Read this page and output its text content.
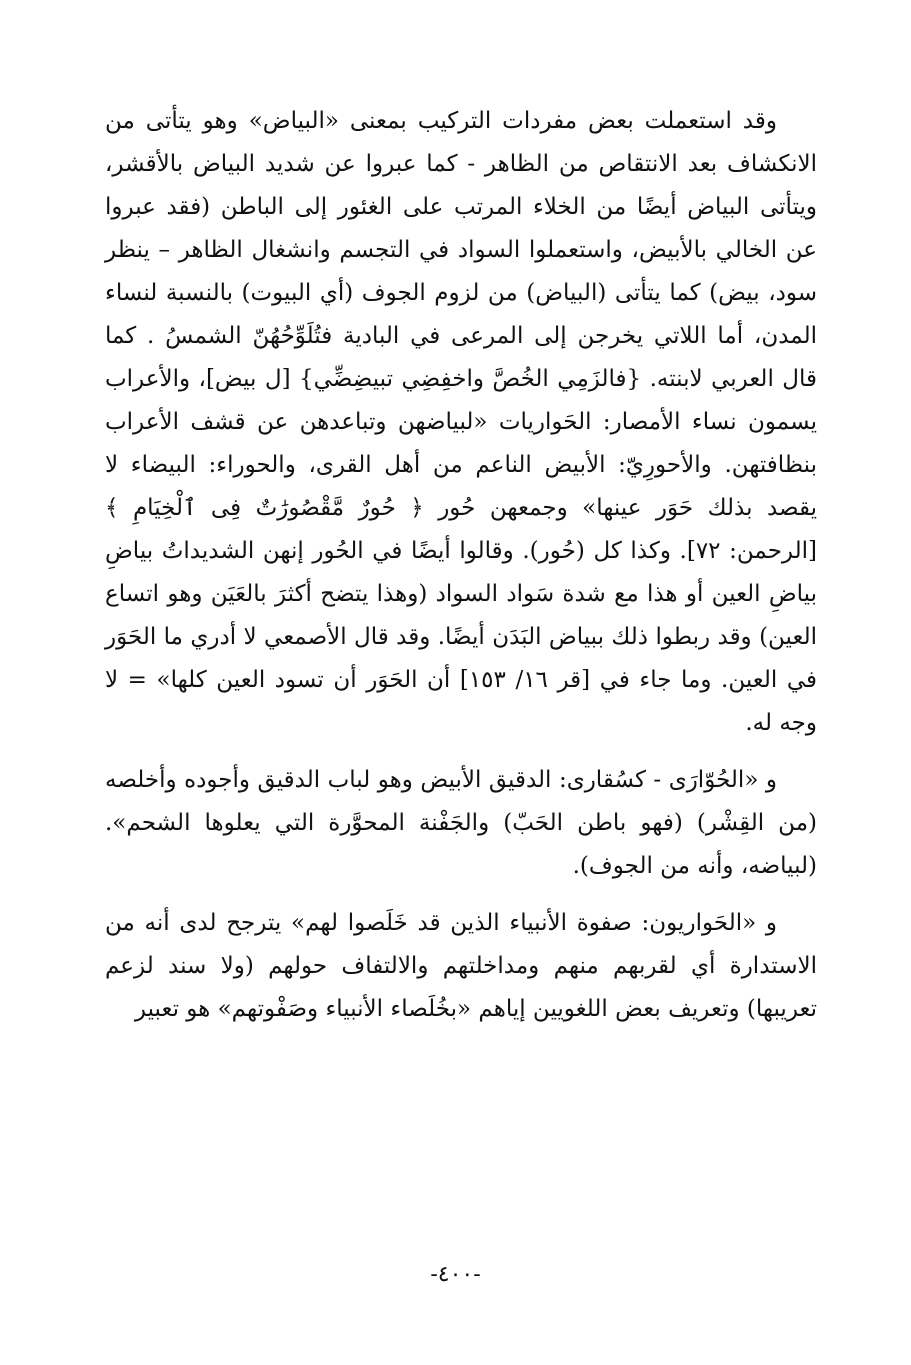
وقد استعملت بعض مفردات التركيب بمعنى «البياض» وهو يتأتى من الانكشاف بعد الانتقاص من الظاهر - كما عبروا عن شديد البياض بالأقشر، ويتأتى البياض أيضًا من الخلاء المرتب على الغئور إلى الباطن (فقد عبروا عن الخالي بالأبيض، واستعملوا السواد في التجسم وانشغال الظاهر – ينظر سود، بيض) كما يتأتى (البياض) من لزوم الجوف (أي البيوت) بالنسبة لنساء المدن، أما اللاتي يخرجن إلى المرعى في البادية فتُلَوِّحُهُنّ الشمسُ . كما قال العربي لابنته. {فالزَمِي الخُصَّ واخفِضِي تبيضِضِّي} [ل بيض]، والأعراب يسمون نساء الأمصار: الحَواريات «لبياضهن وتباعدهن عن قشف الأعراب بنظافتهن. والأحورِيّ: الأبيض الناعم من أهل القرى، والحوراء: البيضاء لا يقصد بذلك حَوَر عينها» وجمعهن حُور ﴿ حُورٌ مَّقْصُورَٰتٌ فِى ٱلْخِيَامِ ﴾ [الرحمن: ٧٢]. وكذا كل (حُور). وقالوا أيضًا في الحُور إنهن الشديداتُ بياضِ بياضِ العين أو هذا مع شدة سَواد السواد (وهذا يتضح أكثرَ بالعَيَن وهو اتساع العين) وقد ربطوا ذلك ببياض البَدَن أيضًا. وقد قال الأصمعي لا أدري ما الحَوَر في العين. وما جاء في [قر ١٦/ ١٥٣] أن الحَوَر أن تسود العين كلها» = لا وجه له.

و «الحُوّارَى - كسُقارى: الدقيق الأبيض وهو لباب الدقيق وأجوده وأخلصه (من القِشْر) (فهو باطن الحَبّ) والجَفْنة المحوَّرة التي يعلوها الشحم». (لبياضه، وأنه من الجوف).

و «الحَواريون: صفوة الأنبياء الذين قد خَلَصوا لهم» يترجح لدى أنه من الاستدارة أي لقربهم منهم ومداخلتهم والالتفاف حولهم (ولا سند لزعم تعريبها) وتعريف بعض اللغويين إياهم «بخُلَصاء الأنبياء وصَفْوتهم» هو تعبير

-٤٠٠-
